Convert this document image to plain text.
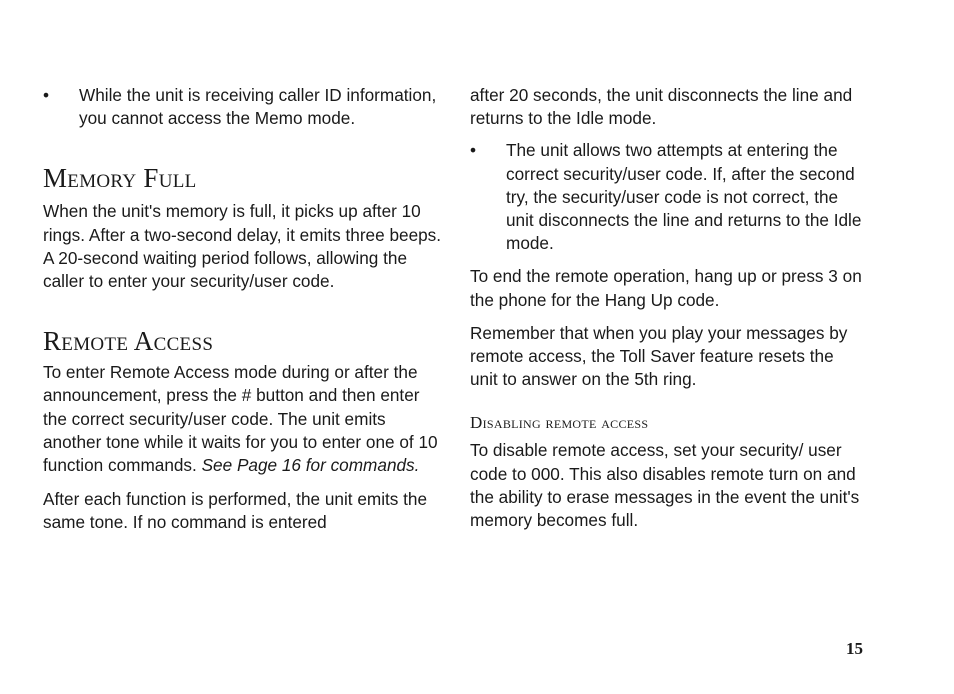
• While the unit is receiving caller ID information, you cannot access the Memo mode.

Memory Full

When the unit's memory is full, it picks up after 10 rings. After a two-second delay, it emits three beeps. A 20-second waiting period follows, allowing the caller to enter your security/user code.

Remote Access

To enter Remote Access mode during or after the announcement, press the # button and then enter the correct security/user code. The unit emits another tone while it waits for you to enter one of 10 function commands. See Page 16 for commands.

After each function is performed, the unit emits the same tone. If no command is entered

after 20 seconds, the unit disconnects the line and returns to the Idle mode.

• The unit allows two attempts at entering the correct security/user code. If, after the second try, the security/user code is not correct, the unit disconnects the line and returns to the Idle mode.

To end the remote operation, hang up or press 3 on the phone for the Hang Up code.

Remember that when you play your messages by remote access, the Toll Saver feature resets the unit to answer on the 5th ring.

Disabling remote access

To disable remote access, set your security/ user code to 000. This also disables remote turn on and the ability to erase messages in the event the unit's memory becomes full.

15
